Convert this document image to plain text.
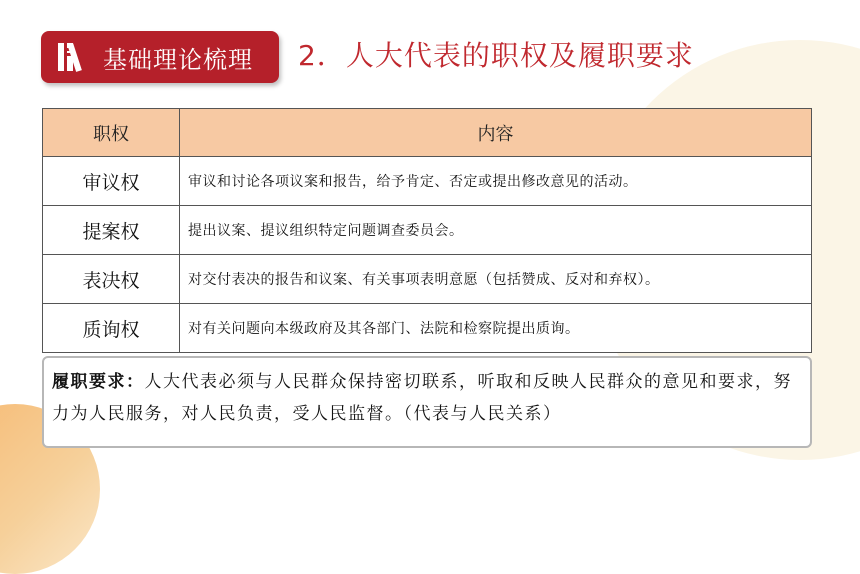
基础理论梳理 2．人大代表的职权及履职要求
职权	内容
审议权	审议和讨论各项议案和报告，给予肯定、否定或提出修改意见的活动。
提案权	提出议案、提议组织特定问题调查委员会。
表决权	对交付表决的报告和议案、有关事项表明意愿（包括赞成、反对和弃权）。
质询权	对有关问题向本级政府及其各部门、法院和检察院提出质询。
履职要求：人大代表必须与人民群众保持密切联系，听取和反映人民群众的意见和要求，努力为人民服务，对人民负责，受人民监督。（代表与人民关系）
